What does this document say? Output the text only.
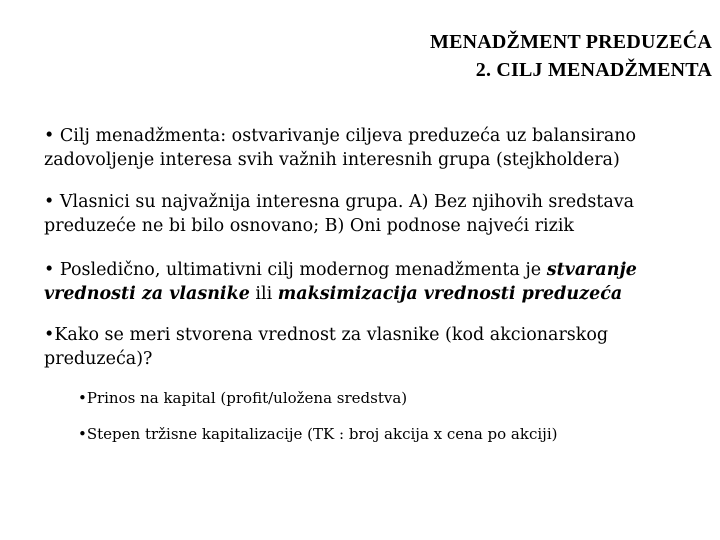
MENADŽMENT PREDUZEĆA
2. CILJ MENADŽMENTA
• Cilj menadžmenta: ostvarivanje ciljeva preduzeća uz balansirano zadovoljenje interesa svih važnih interesnih grupa (stejkholdera)
• Vlasnici su najvažnija interesna grupa. A) Bez njihovih sredstava preduzeće ne bi bilo osnovano; B) Oni podnose najveći rizik
• Posledično, ultimativni cilj modernog menadžmenta je stvaranje vrednosti za vlasnike ili maksimizacija vrednosti preduzeća
•Kako se meri stvorena vrednost za vlasnike (kod akcionarskog preduzeća)?
•Prinos na kapital (profit/uložena sredstva)
•Stepen tržisne kapitalizacije (TK : broj akcija x cena po akciji)
